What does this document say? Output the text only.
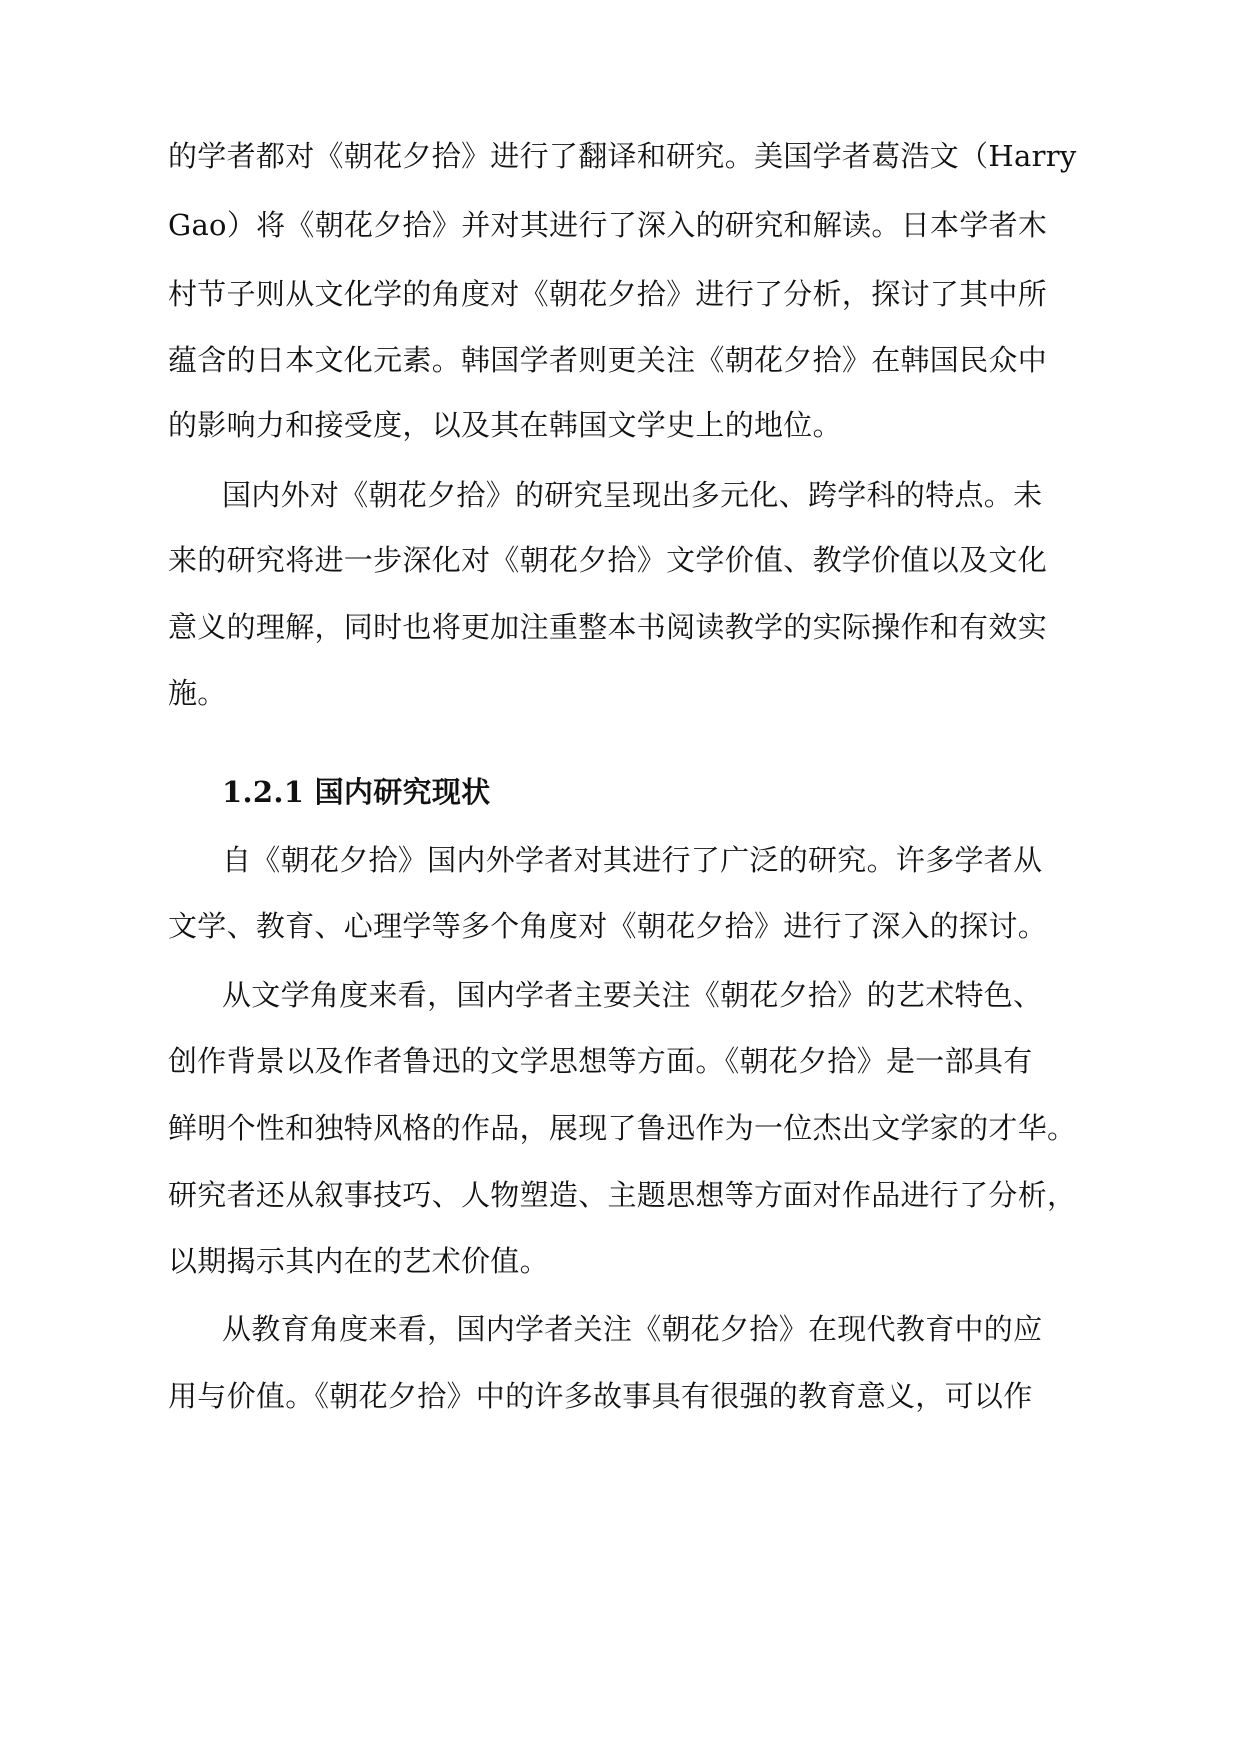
的学者都对《朝花夕拾》进行了翻译和研究。美国学者葛浩文（Harry
Gao）将《朝花夕拾》并对其进行了深入的研究和解读。日本学者木
村节子则从文化学的角度对《朝花夕拾》进行了分析，探讨了其中所
蕴含的日本文化元素。韩国学者则更关注《朝花夕拾》在韩国民众中
的影响力和接受度，以及其在韩国文学史上的地位。
国内外对《朝花夕拾》的研究呈现出多元化、跨学科的特点。未
来的研究将进一步深化对《朝花夕拾》文学价值、教学价值以及文化
意义的理解，同时也将更加注重整本书阅读教学的实际操作和有效实
施。
1.2.1 国内研究现状
自《朝花夕拾》国内外学者对其进行了广泛的研究。许多学者从
文学、教育、心理学等多个角度对《朝花夕拾》进行了深入的探讨。
从文学角度来看，国内学者主要关注《朝花夕拾》的艺术特色、
创作背景以及作者鲁迅的文学思想等方面。《朝花夕拾》是一部具有
鲜明个性和独特风格的作品，展现了鲁迅作为一位杰出文学家的才华。
研究者还从叙事技巧、人物塑造、主题思想等方面对作品进行了分析，
以期揭示其内在的艺术价值。
从教育角度来看，国内学者关注《朝花夕拾》在现代教育中的应
用与价值。《朝花夕拾》中的许多故事具有很强的教育意义，可以作
